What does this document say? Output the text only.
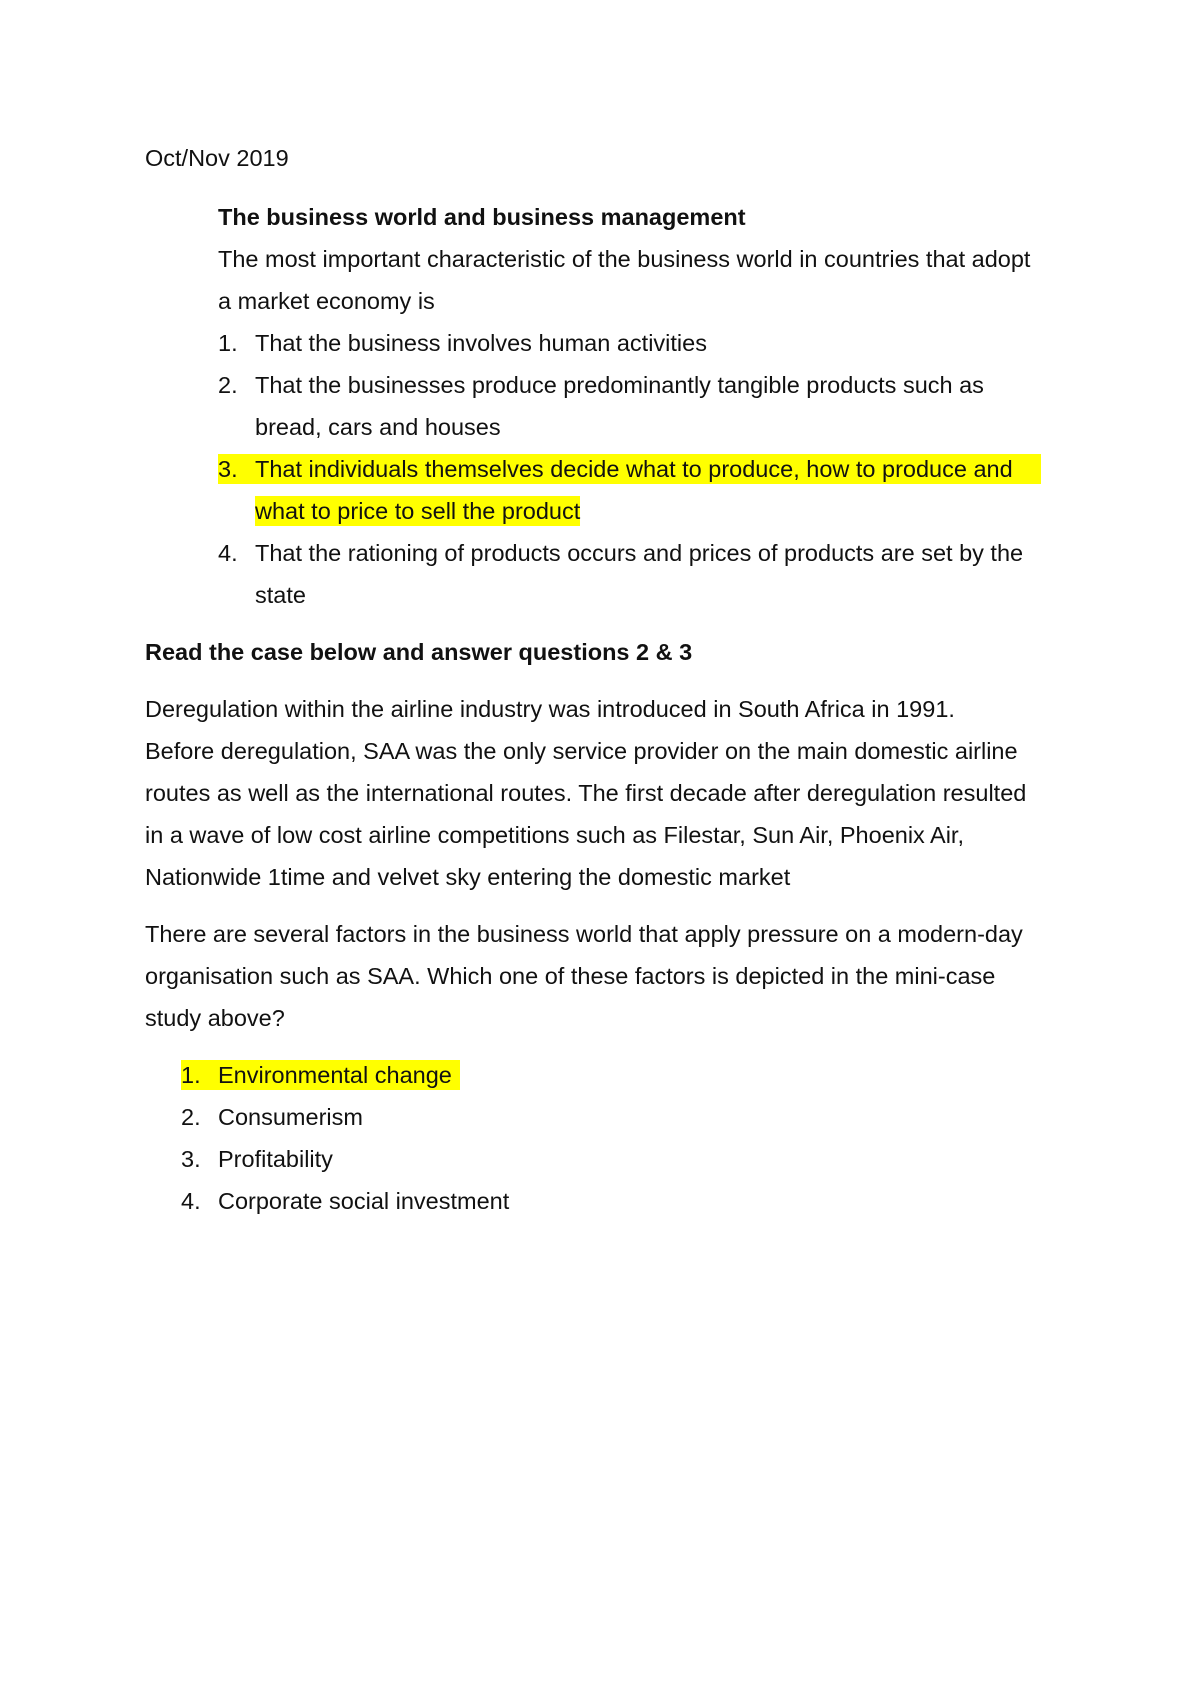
Oct/Nov 2019
The business world and business management
The most important characteristic of the business world in countries that adopt
a market economy is
1. That the business involves human activities
2. That the businesses produce predominantly tangible products such as
bread, cars and houses
3. That individuals themselves decide what to produce, how to produce and
what to price to sell the product
4. That the rationing of products occurs and prices of products are set by the
state
Read the case below and answer questions 2 & 3
Deregulation within the airline industry was introduced in South Africa in 1991.
Before deregulation, SAA was the only service provider on the main domestic airline
routes as well as the international routes. The first decade after deregulation resulted
in a wave of low cost airline competitions such as Filestar, Sun Air, Phoenix Air,
Nationwide 1time and velvet sky entering the domestic market
There are several factors in the business world that apply pressure on a modern-day
organisation such as SAA. Which one of these factors is depicted in the mini-case
study above?
1. Environmental change
2. Consumerism
3. Profitability
4. Corporate social investment
